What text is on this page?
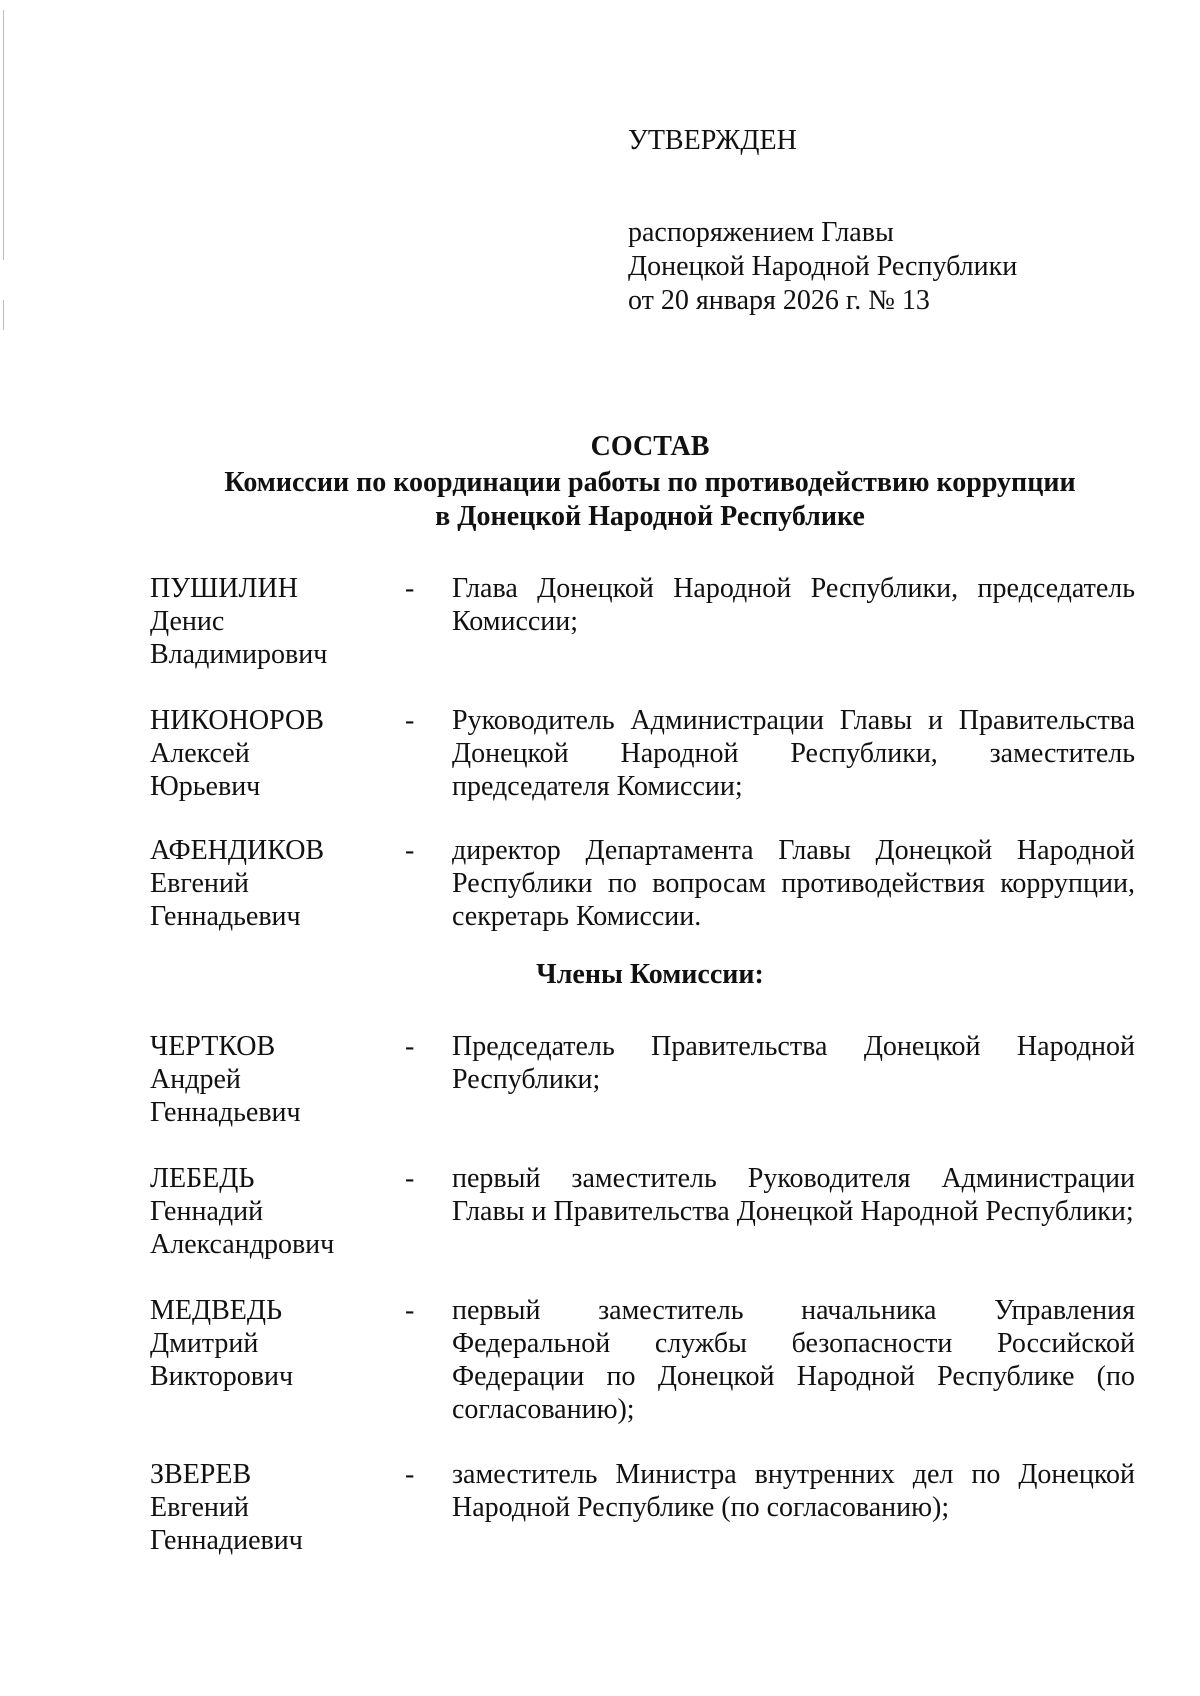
УТВЕРЖДЕН
распоряжением Главы
Донецкой Народной Республики
от 20 января 2026 г. № 13
СОСТАВ
Комиссии по координации работы по противодействию коррупции
в Донецкой Народной Республике
ПУШИЛИН
Денис
Владимирович
- Глава Донецкой Народной Республики, председатель Комиссии;
НИКОНОРОВ
Алексей
Юрьевич
- Руководитель Администрации Главы и Правительства Донецкой Народной Республики, заместитель председателя Комиссии;
АФЕНДИКОВ
Евгений
Геннадьевич
- директор Департамента Главы Донецкой Народной Республики по вопросам противодействия коррупции, секретарь Комиссии.
Члены Комиссии:
ЧЕРТКОВ
Андрей
Геннадьевич
- Председатель Правительства Донецкой Народной Республики;
ЛЕБЕДЬ
Геннадий
Александрович
- первый заместитель Руководителя Администрации Главы и Правительства Донецкой Народной Республики;
МЕДВЕДЬ
Дмитрий
Викторович
- первый заместитель начальника Управления Федеральной службы безопасности Российской Федерации по Донецкой Народной Республике (по согласованию);
ЗВЕРЕВ
Евгений
Геннадиевич
- заместитель Министра внутренних дел по Донецкой Народной Республике (по согласованию);
